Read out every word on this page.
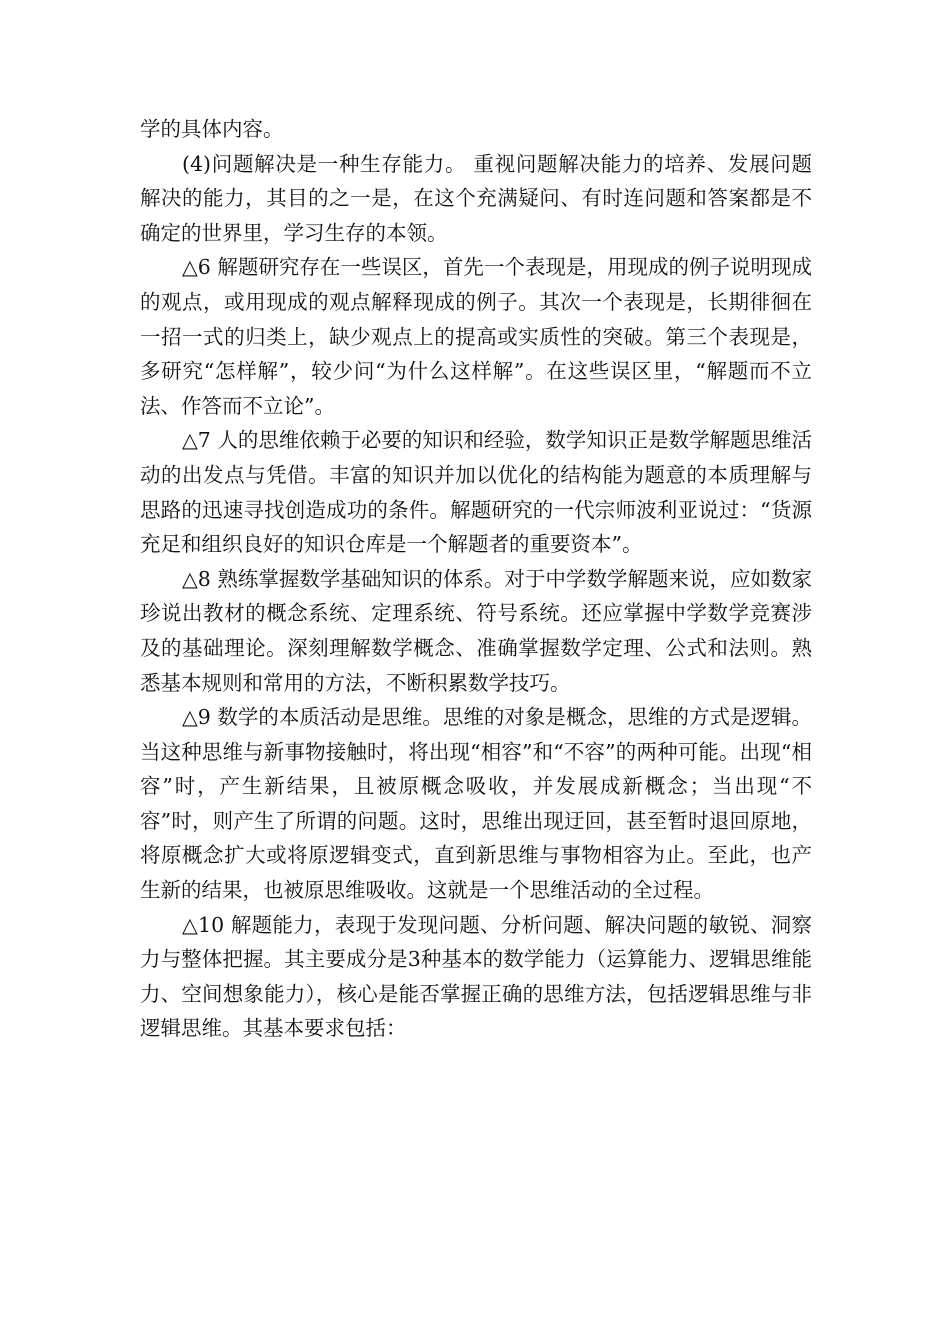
学的具体内容。

(4)问题解决是一种生存能力。 重视问题解决能力的培养、发展问题解决的能力，其目的之一是，在这个充满疑问、有时连问题和答案都是不确定的世界里，学习生存的本领。

△6 解题研究存在一些误区，首先一个表现是，用现成的例子说明现成的观点，或用现成的观点解释现成的例子。其次一个表现是，长期徘徊在一招一式的归类上，缺少观点上的提高或实质性的突破。第三个表现是，多研究“怎样解”，较少问“为什么这样解”。在这些误区里，“解题而不立法、作答而不立论”。

△7 人的思维依赖于必要的知识和经验，数学知识正是数学解题思维活动的出发点与凭借。丰富的知识并加以优化的结构能为题意的本质理解与思路的迅速寻找创造成功的条件。解题研究的一代宗师波利亚说过：“货源充足和组织良好的知识仓库是一个解题者的重要资本”。

△8 熟练掌握数学基础知识的体系。对于中学数学解题来说，应如数家珍说出教材的概念系统、定理系统、符号系统。还应掌握中学数学竞赛涉及的基础理论。深刻理解数学概念、准确掌握数学定理、公式和法则。熟悉基本规则和常用的方法，不断积累数学技巧。

△9 数学的本质活动是思维。思维的对象是概念，思维的方式是逻辑。当这种思维与新事物接触时，将出现“相容”和“不容”的两种可能。出现“相容”时，产生新结果，且被原概念吸收，并发展成新概念；当出现“不容”时，则产生了所谓的问题。这时，思维出现迂回，甚至暂时退回原地，将原概念扩大或将原逻辑变式，直到新思维与事物相容为止。至此，也产生新的结果，也被原思维吸收。这就是一个思维活动的全过程。

△10 解题能力，表现于发现问题、分析问题、解决问题的敏锐、洞察力与整体把握。其主要成分是3种基本的数学能力（运算能力、逻辑思维能力、空间想象能力），核心是能否掌握正确的思维方法，包括逻辑思维与非逻辑思维。其基本要求包括：
